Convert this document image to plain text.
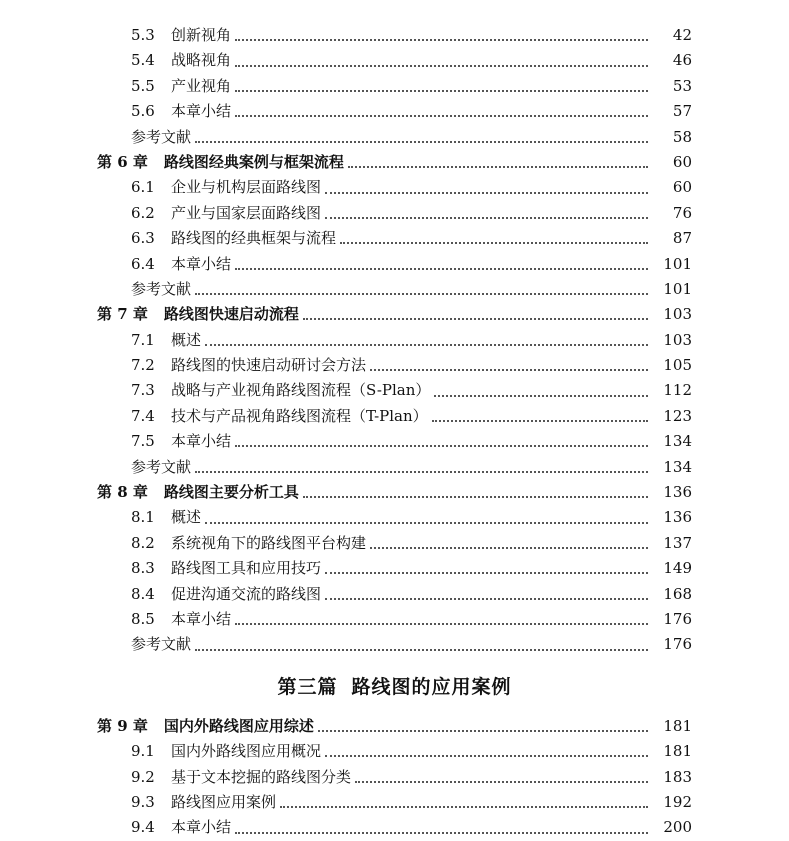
5.3	创新视角	42
5.4	战略视角	46
5.5	产业视角	53
5.6	本章小结	57
参考文献	58
第 6 章 路线图经典案例与框架流程	60
6.1	企业与机构层面路线图	60
6.2	产业与国家层面路线图	76
6.3	路线图的经典框架与流程	87
6.4	本章小结	101
参考文献	101
第 7 章 路线图快速启动流程	103
7.1	概述	103
7.2	路线图的快速启动研讨会方法	105
7.3	战略与产业视角路线图流程（S-Plan）	112
7.4	技术与产品视角路线图流程（T-Plan）	123
7.5	本章小结	134
参考文献	134
第 8 章 路线图主要分析工具	136
8.1	概述	136
8.2	系统视角下的路线图平台构建	137
8.3	路线图工具和应用技巧	149
8.4	促进沟通交流的路线图	168
8.5	本章小结	176
参考文献	176
第三篇 路线图的应用案例
第 9 章 国内外路线图应用综述	181
9.1	国内外路线图应用概况	181
9.2	基于文本挖掘的路线图分类	183
9.3	路线图应用案例	192
9.4	本章小结	200
